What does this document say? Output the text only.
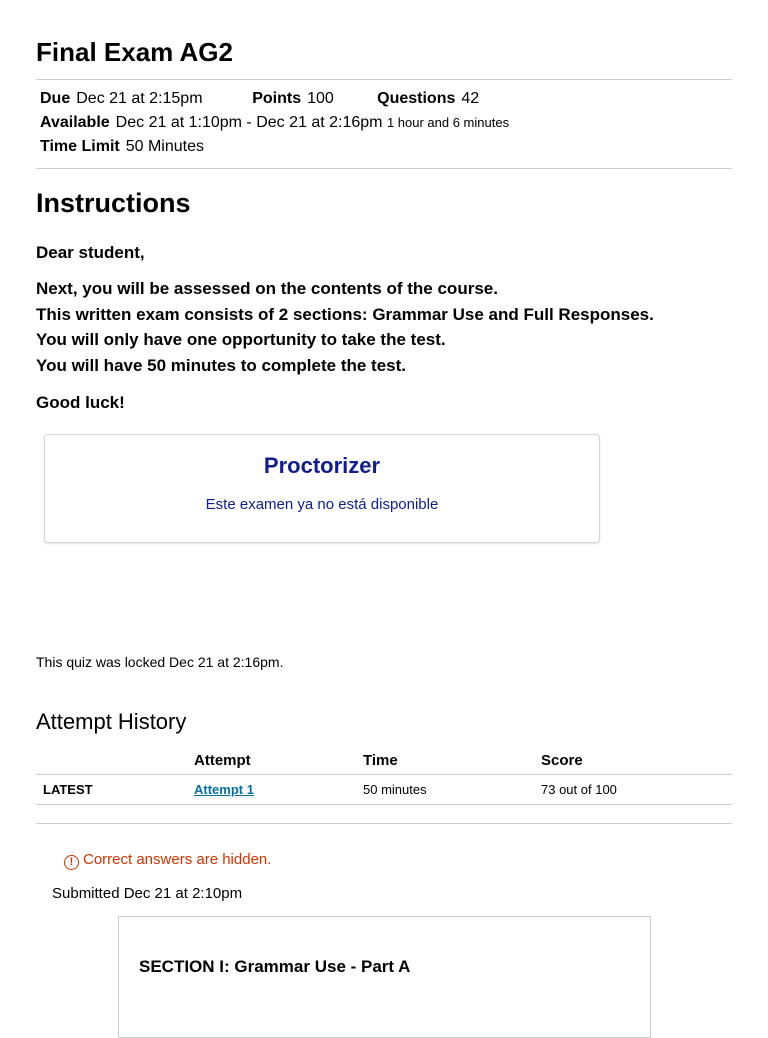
Final Exam AG2
Due Dec 21 at 2:15pm	Points 100	Questions 42
Available Dec 21 at 1:10pm - Dec 21 at 2:16pm 1 hour and 6 minutes
Time Limit 50 Minutes
Instructions
Dear student,
Next, you will be assessed on the contents of the course.
This written exam consists of 2 sections: Grammar Use and Full Responses.
You will only have one opportunity to take the test.
You will have 50 minutes to complete the test.
Good luck!
Proctorizer
Este examen ya no está disponible
This quiz was locked Dec 21 at 2:16pm.
Attempt History
	Attempt	Time	Score
LATEST	Attempt 1	50 minutes	73 out of 100
! Correct answers are hidden.
Submitted Dec 21 at 2:10pm
SECTION I: Grammar Use - Part A
